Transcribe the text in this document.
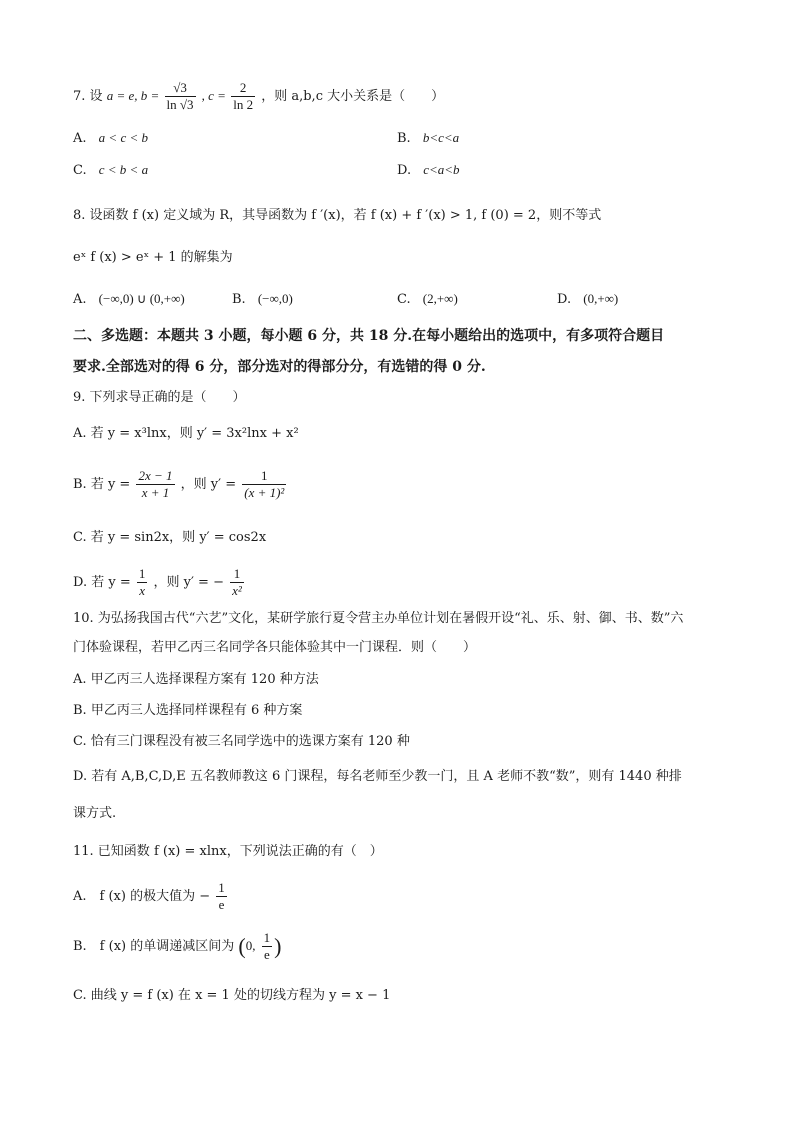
7. 设 a = e, $b = \frac{√3}{\ln √3}$ , $c = \frac{2}{\ln 2}$ ，则 a,b,c 大小关系是（　　）
A. a < c < b	B. b<c<a
C. c < b < a	D. c<a<b
8. 设函数 f (x) 定义域为 R，其导函数为 f ′(x)，若 f (x) + f ′(x) > 1, f (0) = 2，则不等式
eˣ f (x) > eˣ + 1 的解集为
A. (−∞,0) ∪ (0,+∞)	B. (−∞,0)	C. (2,+∞)	D. (0,+∞)
二、多选题：本题共 3 小题，每小题 6 分，共 18 分.在每小题给出的选项中，有多项符合题目
要求.全部选对的得 6 分，部分选对的得部分分，有选错的得 0 分.
9. 下列求导正确的是（　　）
A. 若 y = x³lnx，则 y′ = 3x²lnx + x²
B. 若 $y = \frac{2x - 1}{x + 1}$ ，则 $y' = \frac{1}{\text{(x + 1)²}}$
C. 若 y = sin2x，则 y′ = cos2x
D. 若 $y = \frac{1}{x}$ ，则 y′ = − $\frac{1}{\text{x²}}$
10. 为弘扬我国古代“六艺”文化，某研学旅行夏令营主办单位计划在暑假开设“礼、乐、射、御、书、数”六
门体验课程，若甲乙丙三名同学各只能体验其中一门课程．则（　　）
A. 甲乙丙三人选择课程方案有 120 种方法
B. 甲乙丙三人选择同样课程有 6 种方案
C. 恰有三门课程没有被三名同学选中的选课方案有 120 种
D. 若有 A,B,C,D,E 五名教师教这 6 门课程，每名老师至少教一门，且 A 老师不教“数”，则有 1440 种排
课方式.
11. 已知函数 f (x) = xlnx，下列说法正确的有（　）
A.　f (x) 的极大值为 − $\frac{1}{e}$
B.　f (x) 的单调递减区间为 (0, $\frac{1}{e}$ )
C. 曲线 y = f (x) 在 x = 1 处的切线方程为 y = x − 1
